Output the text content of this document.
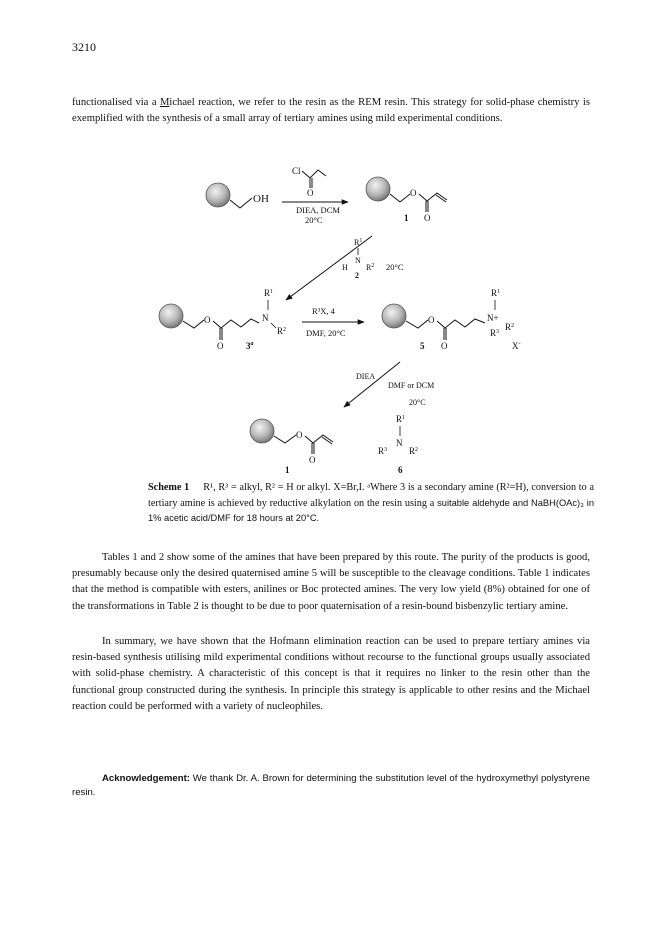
3210

functionalised via a Michael reaction, we refer to the resin as the REM resin. This strategy for solid-phase chemistry is exemplified with the synthesis of a small array of tertiary amines using mild experimental conditions.

OH
Cl
O
DIEA, DCM
20°C
O
O
1
$R^1$
N
H $R^2$
2
20°C
O
O
$R^1$
N
$R^2$
3$^a$
R³X, 4
DMF, 20°C
O
O
5
$R^1$
N+
$R^2$
$R^3$
X-
DIEA
DMF or DCM
20°C
O
O
1
$R^1$
N
$R^3$ $R^2$
6

Scheme 1 R¹, R³ = alkyl, R² = H or alkyl. X=Br,I. ᵃWhere 3 is a secondary amine (R²=H), conversion to a tertiary amine is achieved by reductive alkylation on the resin using a suitable aldehyde and NaBH(OAc)₃ in 1% acetic acid/DMF for 18 hours at 20°C.

Tables 1 and 2 show some of the amines that have been prepared by this route. The purity of the products is good, presumably because only the desired quaternised amine 5 will be susceptible to the cleavage conditions. Table 1 indicates that the method is compatible with esters, anilines or Boc protected amines. The very low yield (8%) obtained for one of the transformations in Table 2 is thought to be due to poor quaternisation of a resin-bound bisbenzylic tertiary amine.

In summary, we have shown that the Hofmann elimination reaction can be used to prepare tertiary amines via resin-based synthesis utilising mild experimental conditions without recourse to the functional groups usually associated with solid-phase chemistry. A characteristic of this concept is that it requires no linker to the resin other than the functional group constructed during the synthesis. In principle this strategy is applicable to other resins and the Michael reaction could be performed with a variety of nucleophiles.

Acknowledgement: We thank Dr. A. Brown for determining the substitution level of the hydroxymethyl polystyrene resin.
